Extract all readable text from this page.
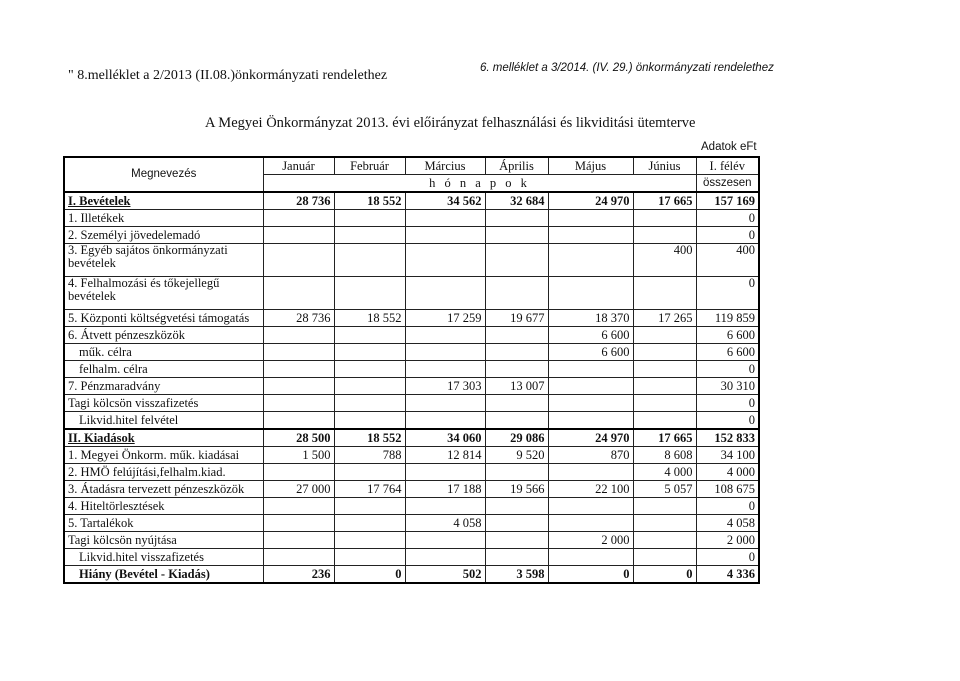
" 8.melléklet a 2/2013 (II.08.)önkormányzati rendelethez	6. melléklet a 3/2014. (IV. 29.) önkormányzati rendelethez
A Megyei Önkormányzat 2013. évi előirányzat felhasználási és likviditási ütemterve
Adatok eFt
Megnevezés	Január	Február	Március	Április	Május	Június	I. félév
	h ó n a p o k						összesen
I. Bevételek	28 736	18 552	34 562	32 684	24 970	17 665	157 169
1. Illetékek							0
2. Személyi jövedelemadó							0
3. Egyéb sajátos önkormányzati bevételek						400	400
4. Felhalmozási és tőkejellegű bevételek							0
5. Központi költségvetési támogatás	28 736	18 552	17 259	19 677	18 370	17 265	119 859
6. Átvett pénzeszközök					6 600		6 600
műk. célra					6 600		6 600
felhalm. célra							0
7. Pénzmaradvány			17 303	13 007			30 310
Tagi kölcsön visszafizetés							0
Likvid.hitel felvétel							0
II. Kiadások	28 500	18 552	34 060	29 086	24 970	17 665	152 833
1. Megyei Önkorm. műk. kiadásai	1 500	788	12 814	9 520	870	8 608	34 100
2. HMÖ felújítási,felhalm.kiad.						4 000	4 000
3. Átadásra tervezett pénzeszközök	27 000	17 764	17 188	19 566	22 100	5 057	108 675
4. Hiteltörlesztések							0
5. Tartalékok			4 058				4 058
Tagi kölcsön nyújtása					2 000		2 000
Likvid.hitel visszafizetés							0
Hiány (Bevétel - Kiadás)	236	0	502	3 598	0	0	4 336
